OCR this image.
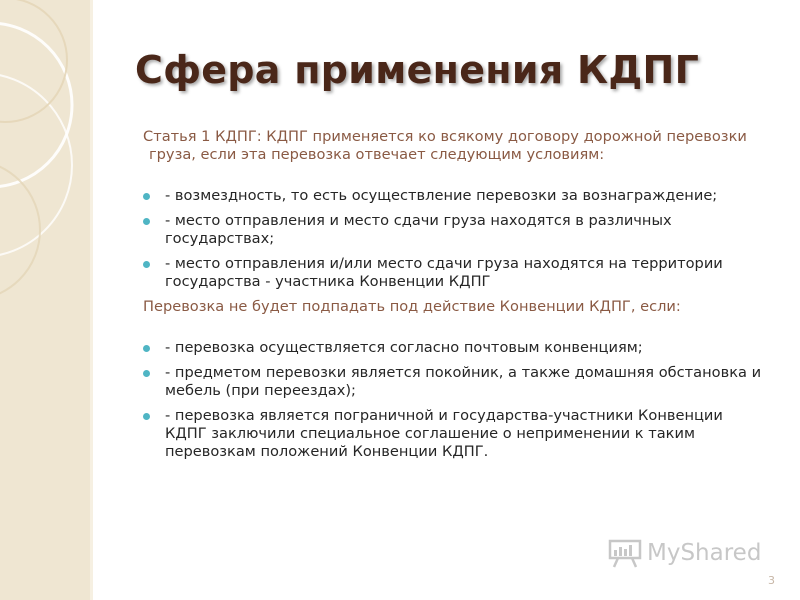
Сфера применения КДПГ

Статья 1 КДПГ: КДПГ применяется ко всякому договору дорожной перевозки груза, если эта перевозка отвечает следующим условиям:

- возмездность, то есть осуществление перевозки за вознаграждение;
- место отправления и место сдачи груза находятся в различных государствах;
- место отправления и/или место сдачи груза находятся на территории государства - участника Конвенции КДПГ

Перевозка не будет подпадать под действие Конвенции КДПГ, если:

- перевозка осуществляется согласно почтовым конвенциям;
- предметом перевозки является покойник, а также домашняя обстановка и мебель (при переездах);
- перевозка является пограничной и государства-участники Конвенции КДПГ заключили специальное соглашение о неприменении к таким перевозкам положений Конвенции КДПГ.
MyShared
3
